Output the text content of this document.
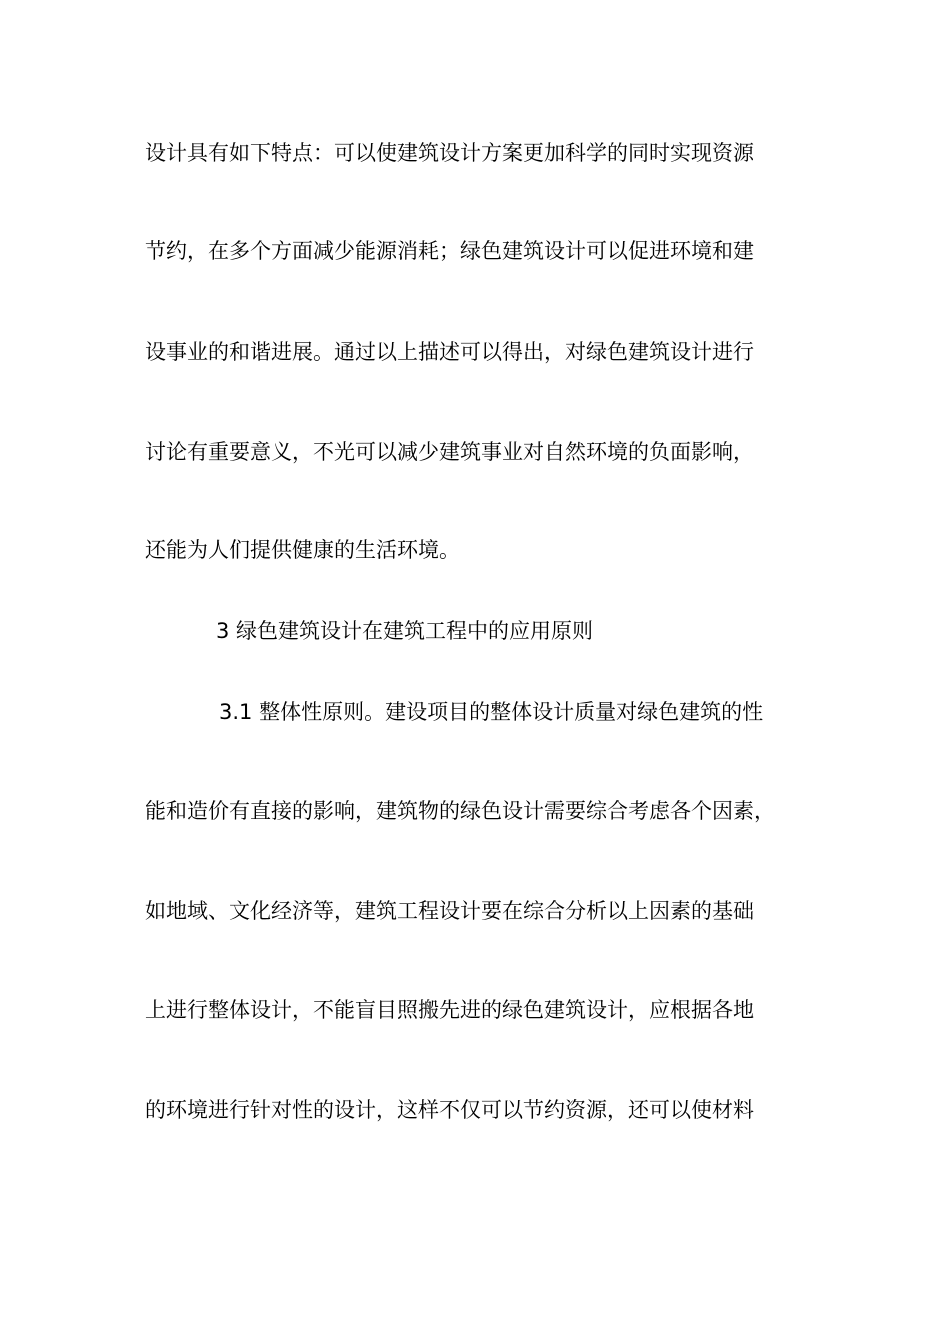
设计具有如下特点：可以使建筑设计方案更加科学的同时实现资源
节约，在多个方面减少能源消耗；绿色建筑设计可以促进环境和建
设事业的和谐进展。通过以上描述可以得出，对绿色建筑设计进行
讨论有重要意义，不光可以减少建筑事业对自然环境的负面影响，
还能为人们提供健康的生活环境。
3 绿色建筑设计在建筑工程中的应用原则
3.1 整体性原则。建设项目的整体设计质量对绿色建筑的性
能和造价有直接的影响，建筑物的绿色设计需要综合考虑各个因素，
如地域、文化经济等，建筑工程设计要在综合分析以上因素的基础
上进行整体设计，不能盲目照搬先进的绿色建筑设计，应根据各地
的环境进行针对性的设计，这样不仅可以节约资源，还可以使材料
